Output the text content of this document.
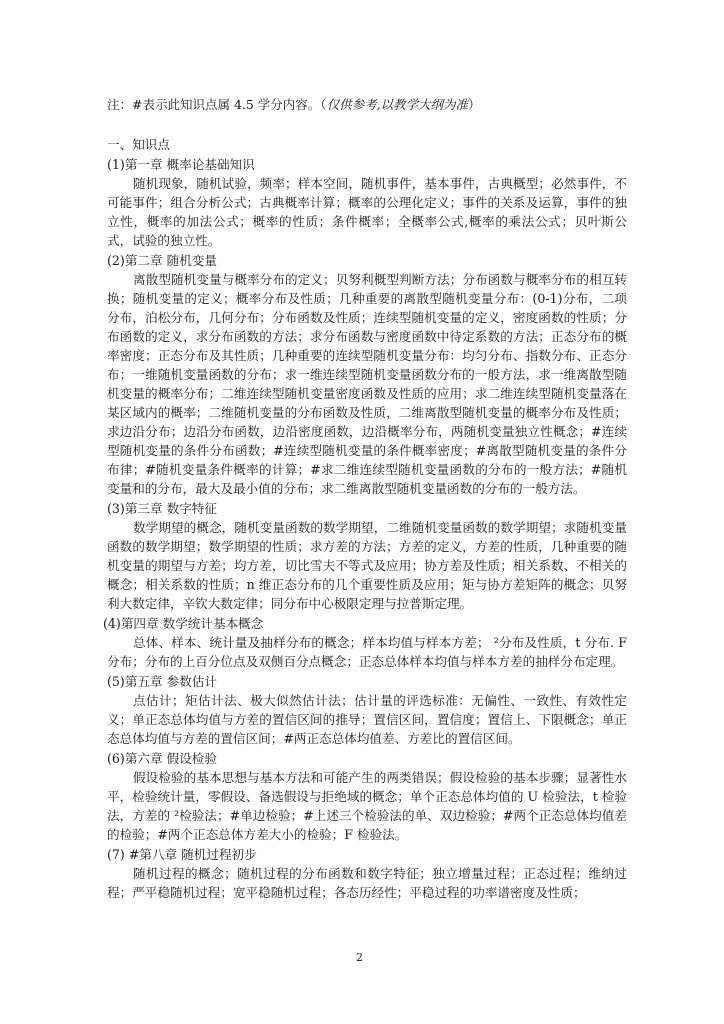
注：#表示此知识点属 4.5 学分内容。（仅供参考,以教学大纲为准）
一、知识点
(1)第一章 概率论基础知识

随机现象，随机试验，频率；样本空间，随机事件，基本事件，古典概型；必然事件，不可能事件；组合分析公式；古典概率计算；概率的公理化定义；事件的关系及运算，事件的独立性，概率的加法公式；概率的性质；条件概率；全概率公式,概率的乘法公式；贝叶斯公式，试验的独立性。

(2)第二章 随机变量

离散型随机变量与概率分布的定义；贝努利概型判断方法；分布函数与概率分布的相互转换；随机变量的定义；概率分布及性质；几种重要的离散型随机变量分布：(0-1)分布，二项分布，泊松分布，几何分布；分布函数及性质；连续型随机变量的定义，密度函数的性质；分布函数的定义，求分布函数的方法；求分布函数与密度函数中待定系数的方法；正态分布的概率密度；正态分布及其性质；几种重要的连续型随机变量分布：均匀分布、指数分布、正态分布；一维随机变量函数的分布；求一维连续型随机变量函数分布的一般方法，求一维离散型随机变量的概率分布；二维连续型随机变量密度函数及性质的应用；求二维连续型随机变量落在某区域内的概率；二维随机变量的分布函数及性质，二维离散型随机变量的概率分布及性质；求边沿分布；边沿分布函数，边沿密度函数，边沿概率分布，两随机变量独立性概念；#连续型随机变量的条件分布函数；#连续型随机变量的条件概率密度；#离散型随机变量的条件分布律；#随机变量条件概率的计算；#求二维连续型随机变量函数的分布的一般方法；#随机变量和的分布，最大及最小值的分布；求二维离散型随机变量函数的分布的一般方法。

(3)第三章 数字特征

数学期望的概念，随机变量函数的数学期望，二维随机变量函数的数学期望；求随机变量函数的数学期望；数学期望的性质；求方差的方法；方差的定义，方差的性质，几种重要的随机变量的期望与方差；均方差，切比雪夫不等式及应用；协方差及性质；相关系数、不相关的概念；相关系数的性质；n 维正态分布的几个重要性质及应用；矩与协方差矩阵的概念；贝努利大数定律，辛钦大数定律；同分布中心极限定理与拉普斯定理。

(4)第四章 数学统计基本概念

总体、样本、统计量及抽样分布的概念；样本均值与样本方差； ²分布及性质，t 分布. F 分布；分布的上百分位点及双侧百分点概念；正态总体样本均值与样本方差的抽样分布定理。

(5)第五章 参数估计

点估计；矩估计法、极大似然估计法；估计量的评选标准：无偏性、一致性、有效性定义；单正态总体均值与方差的置信区间的推导；置信区间，置信度；置信上、下限概念；单正态总体均值与方差的置信区间；#两正态总体均值差、方差比的置信区间。

(6)第六章 假设检验

假设检验的基本思想与基本方法和可能产生的两类错误；假设检验的基本步骤；显著性水平，检验统计量，零假设、备选假设与拒绝域的概念；单个正态总体均值的 U 检验法，t 检验法，方差的 ²检验法；#单边检验；#上述三个检验法的单、双边检验；#两个正态总体均值差的检验；#两个正态总体方差大小的检验；F 检验法。

(7) #第八章 随机过程初步

随机过程的概念；随机过程的分布函数和数字特征；独立增量过程；正态过程；维纳过程；严平稳随机过程；宽平稳随机过程；各态历经性；平稳过程的功率谱密度及性质；

2
